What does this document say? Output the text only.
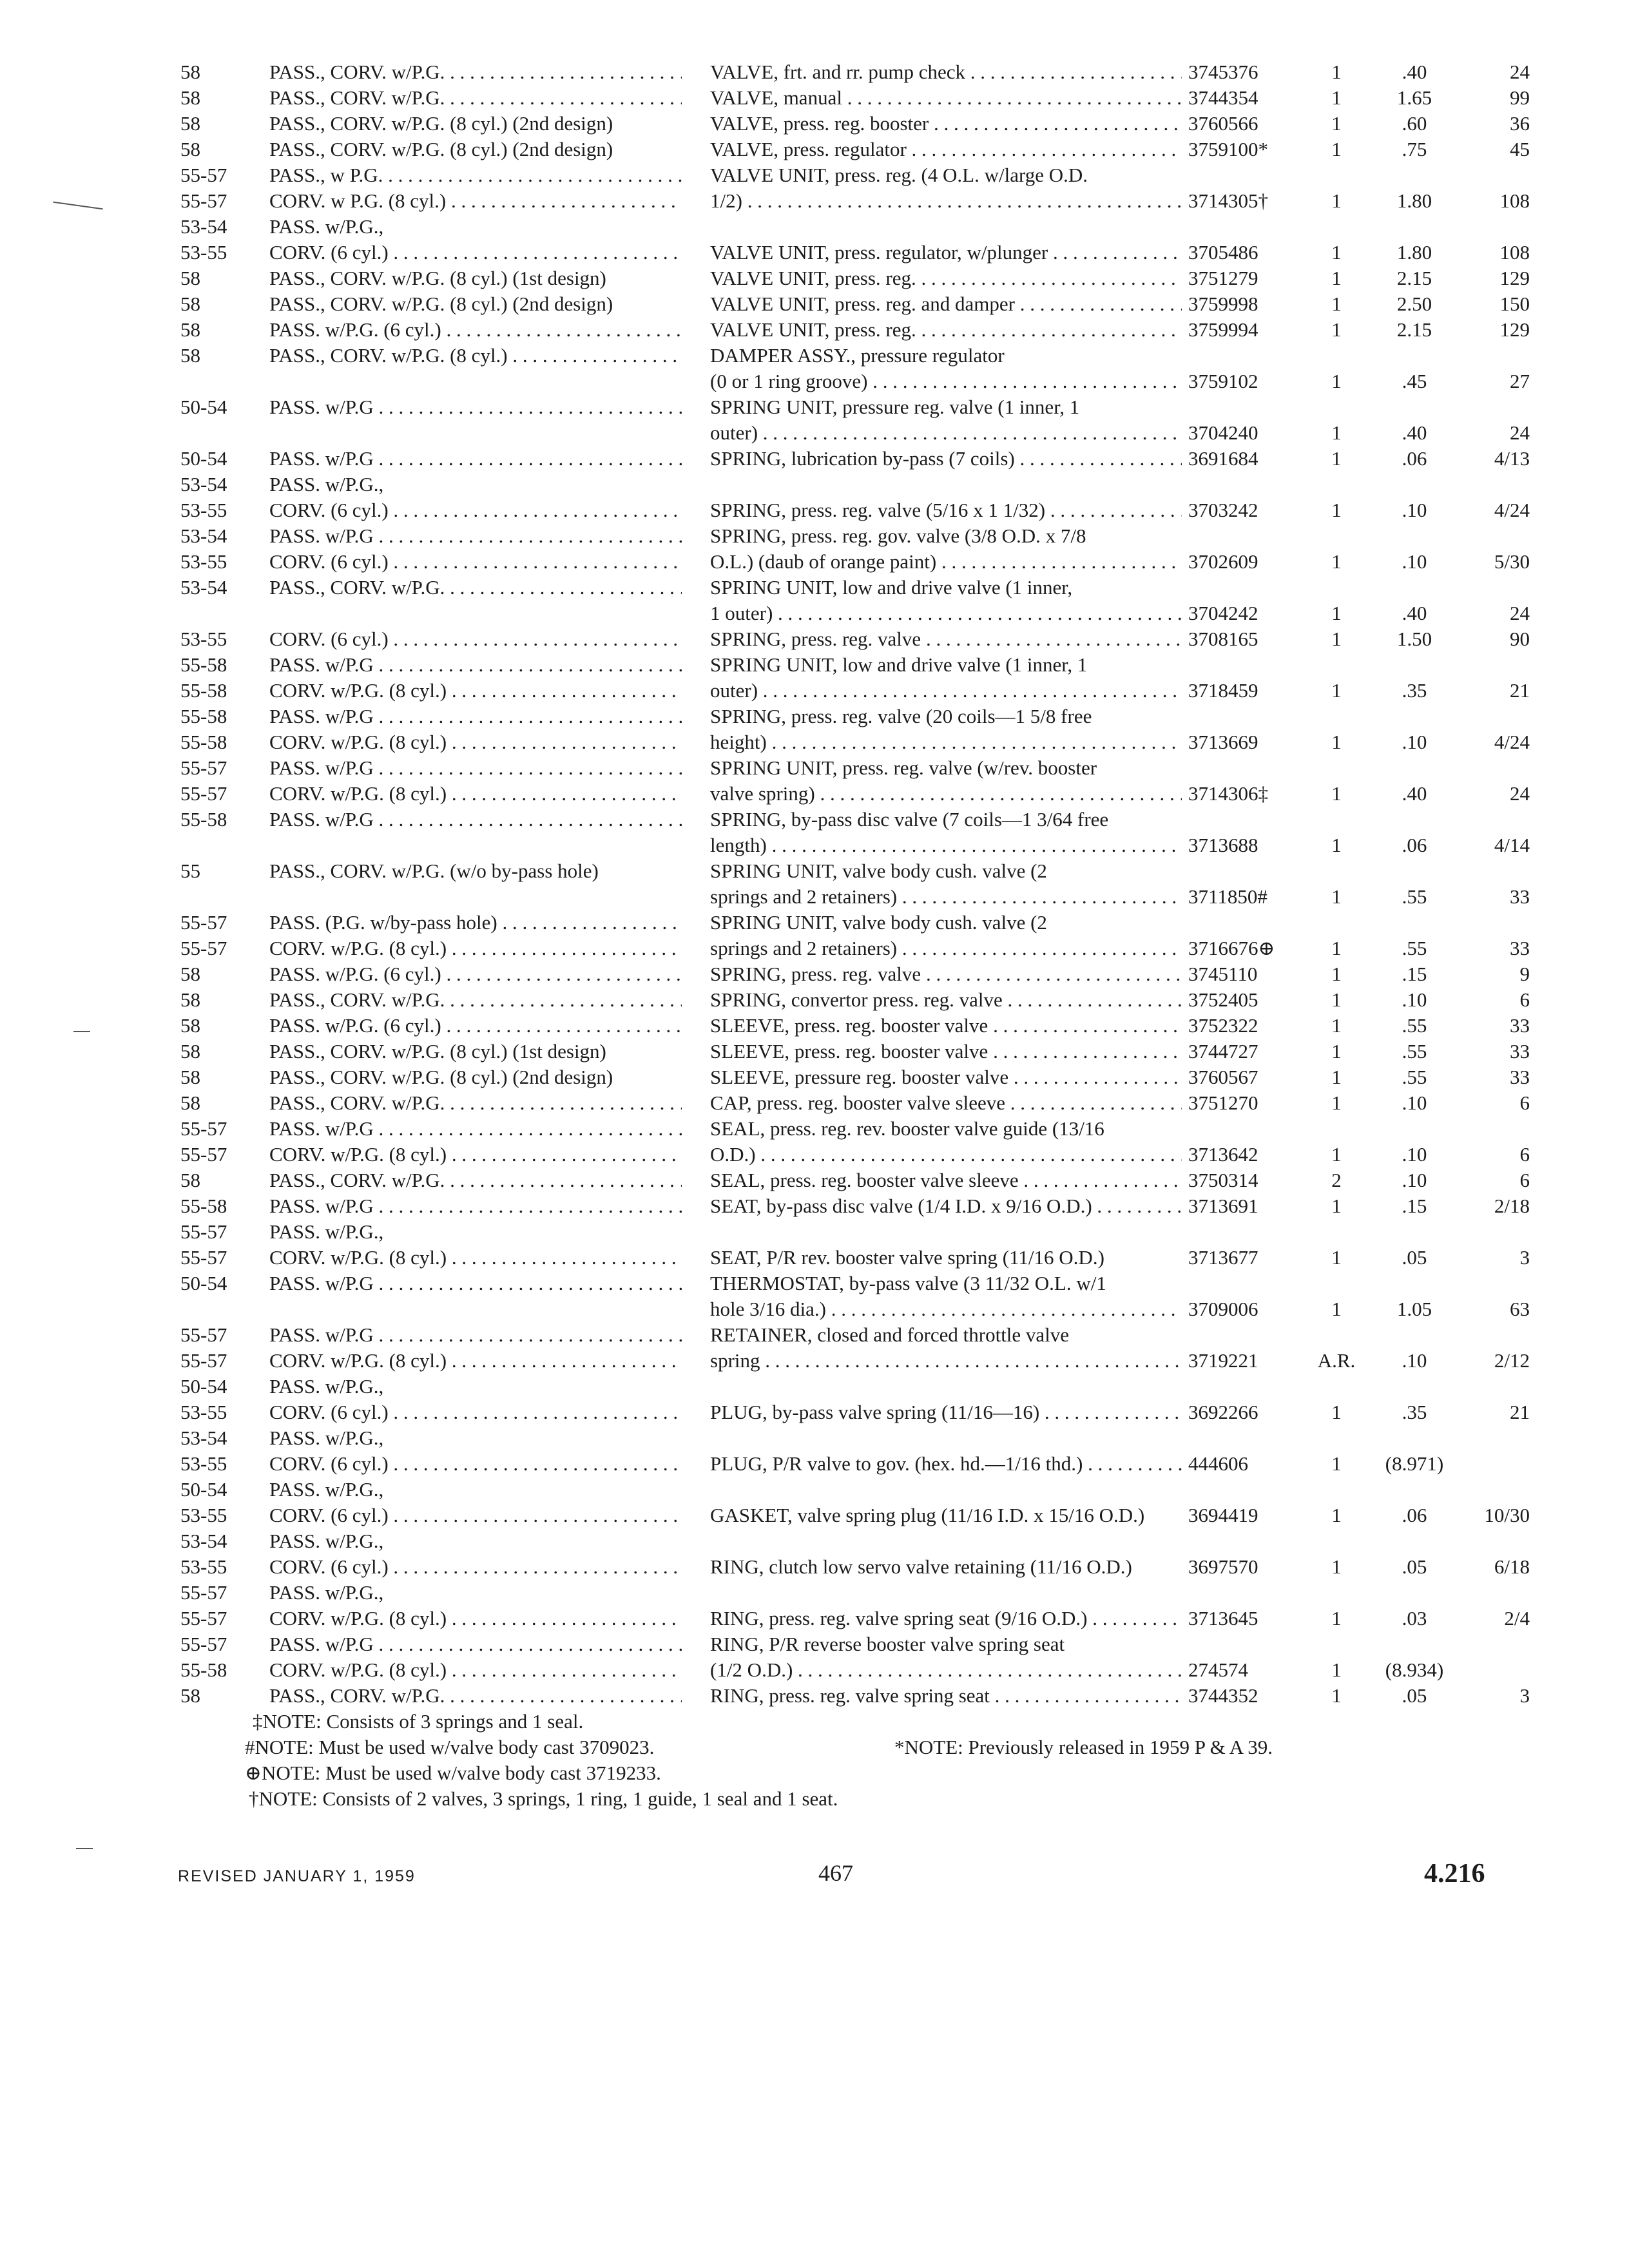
58	PASS., CORV. w/P.G. . . .	VALVE, frt. and rr. pump check . . .	3745376	1	.40	24
58	PASS., CORV. w/P.G. . . .	VALVE, manual . . .	3744354	1	1.65	99
58	PASS., CORV. w/P.G. (8 cyl.) (2nd design)	VALVE, press. reg. booster . . .	3760566	1	.60	36
58	PASS., CORV. w/P.G. (8 cyl.) (2nd design)	VALVE, press. regulator . . .	3759100*	1	.75	45
55-57	PASS., w P.G. . . .	VALVE UNIT, press. reg. (4 O.L. w/large O.D.
55-57	CORV. w P.G. (8 cyl.) . . .	1/2) . . .	3714305†	1	1.80	108
53-54	PASS. w/P.G.,
53-55	CORV. (6 cyl.) . . .	VALVE UNIT, press. regulator, w/plunger . . .	3705486	1	1.80	108
58	PASS., CORV. w/P.G. (8 cyl.) (1st design)	VALVE UNIT, press. reg. . . .	3751279	1	2.15	129
58	PASS., CORV. w/P.G. (8 cyl.) (2nd design)	VALVE UNIT, press. reg. and damper . . .	3759998	1	2.50	150
58	PASS. w/P.G. (6 cyl.) . . .	VALVE UNIT, press. reg. . . .	3759994	1	2.15	129
58	PASS., CORV. w/P.G. (8 cyl.) . . .	DAMPER ASSY., pressure regulator
(0 or 1 ring groove) . . .	3759102	1	.45	27
50-54	PASS. w/P.G . . .	SPRING UNIT, pressure reg. valve (1 inner, 1
outer) . . .	3704240	1	.40	24
50-54	PASS. w/P.G . . .	SPRING, lubrication by-pass (7 coils) . . .	3691684	1	.06	4/13
53-54	PASS. w/P.G.,
53-55	CORV. (6 cyl.) . . .	SPRING, press. reg. valve (5/16 x 1 1/32) . . .	3703242	1	.10	4/24
53-54	PASS. w/P.G . . .	SPRING, press. reg. gov. valve (3/8 O.D. x 7/8
53-55	CORV. (6 cyl.) . . .	O.L.) (daub of orange paint) . . .	3702609	1	.10	5/30
53-54	PASS., CORV. w/P.G. . . .	SPRING UNIT, low and drive valve (1 inner,
1 outer) . . .	3704242	1	.40	24
53-55	CORV. (6 cyl.) . . .	SPRING, press. reg. valve . . .	3708165	1	1.50	90
55-58	PASS. w/P.G . . .	SPRING UNIT, low and drive valve (1 inner, 1
55-58	CORV. w/P.G. (8 cyl.) . . .	outer) . . .	3718459	1	.35	21
55-58	PASS. w/P.G . . .	SPRING, press. reg. valve (20 coils—1 5/8 free
55-58	CORV. w/P.G. (8 cyl.) . . .	height) . . .	3713669	1	.10	4/24
55-57	PASS. w/P.G . . .	SPRING UNIT, press. reg. valve (w/rev. booster
55-57	CORV. w/P.G. (8 cyl.) . . .	valve spring) . . .	3714306‡	1	.40	24
55-58	PASS. w/P.G . . .	SPRING, by-pass disc valve (7 coils—1 3/64 free
length) . . .	3713688	1	.06	4/14
55	PASS., CORV. w/P.G. (w/o by-pass hole)	SPRING UNIT, valve body cush. valve (2
springs and 2 retainers) . . .	3711850#	1	.55	33
55-57	PASS. (P.G. w/by-pass hole) . . .	SPRING UNIT, valve body cush. valve (2
55-57	CORV. w/P.G. (8 cyl.) . . .	springs and 2 retainers) . . .	3716676⊕	1	.55	33
58	PASS. w/P.G. (6 cyl.) . . .	SPRING, press. reg. valve . . .	3745110	1	.15	9
58	PASS., CORV. w/P.G. . . .	SPRING, convertor press. reg. valve . . .	3752405	1	.10	6
58	PASS. w/P.G. (6 cyl.) . . .	SLEEVE, press. reg. booster valve . . .	3752322	1	.55	33
58	PASS., CORV. w/P.G. (8 cyl.) (1st design)	SLEEVE, press. reg. booster valve . . .	3744727	1	.55	33
58	PASS., CORV. w/P.G. (8 cyl.) (2nd design)	SLEEVE, pressure reg. booster valve . . .	3760567	1	.55	33
58	PASS., CORV. w/P.G. . . .	CAP, press. reg. booster valve sleeve . . .	3751270	1	.10	6
55-57	PASS. w/P.G . . .	SEAL, press. reg. rev. booster valve guide (13/16
55-57	CORV. w/P.G. (8 cyl.) . . .	O.D.) . . .	3713642	1	.10	6
58	PASS., CORV. w/P.G. . . .	SEAL, press. reg. booster valve sleeve . . .	3750314	2	.10	6
55-58	PASS. w/P.G . . .	SEAT, by-pass disc valve (1/4 I.D. x 9/16 O.D.) . . .	3713691	1	.15	2/18
55-57	PASS. w/P.G.,
55-57	CORV. w/P.G. (8 cyl.) . . .	SEAT, P/R rev. booster valve spring (11/16 O.D.)	3713677	1	.05	3
50-54	PASS. w/P.G . . .	THERMOSTAT, by-pass valve (3 11/32 O.L. w/1
hole 3/16 dia.) . . .	3709006	1	1.05	63
55-57	PASS. w/P.G . . .	RETAINER, closed and forced throttle valve
55-57	CORV. w/P.G. (8 cyl.) . . .	spring . . .	3719221	A.R.	.10	2/12
50-54	PASS. w/P.G.,
53-55	CORV. (6 cyl.) . . .	PLUG, by-pass valve spring (11/16—16) . . .	3692266	1	.35	21
53-54	PASS. w/P.G.,
53-55	CORV. (6 cyl.) . . .	PLUG, P/R valve to gov. (hex. hd.—1/16 thd.) . . .	444606	1	(8.971)
50-54	PASS. w/P.G.,
53-55	CORV. (6 cyl.) . . .	GASKET, valve spring plug (11/16 I.D. x 15/16 O.D.)	3694419	1	.06	10/30
53-54	PASS. w/P.G.,
53-55	CORV. (6 cyl.) . . .	RING, clutch low servo valve retaining (11/16 O.D.)	3697570	1	.05	6/18
55-57	PASS. w/P.G.,
55-57	CORV. w/P.G. (8 cyl.) . . .	RING, press. reg. valve spring seat (9/16 O.D.) . . .	3713645	1	.03	2/4
55-57	PASS. w/P.G . . .	RING, P/R reverse booster valve spring seat
55-58	CORV. w/P.G. (8 cyl.) . . .	(1/2 O.D.) . . .	274574	1	(8.934)
58	PASS., CORV. w/P.G. . . .	RING, press. reg. valve spring seat . . .	3744352	1	.05	3
‡NOTE: Consists of 3 springs and 1 seal.
#NOTE: Must be used w/valve body cast 3709023.
⊕NOTE: Must be used w/valve body cast 3719233.
†NOTE: Consists of 2 valves, 3 springs, 1 ring, 1 guide, 1 seal and 1 seat.
*NOTE: Previously released in 1959 P & A 39.
REVISED JANUARY 1, 1959	467	4.216
